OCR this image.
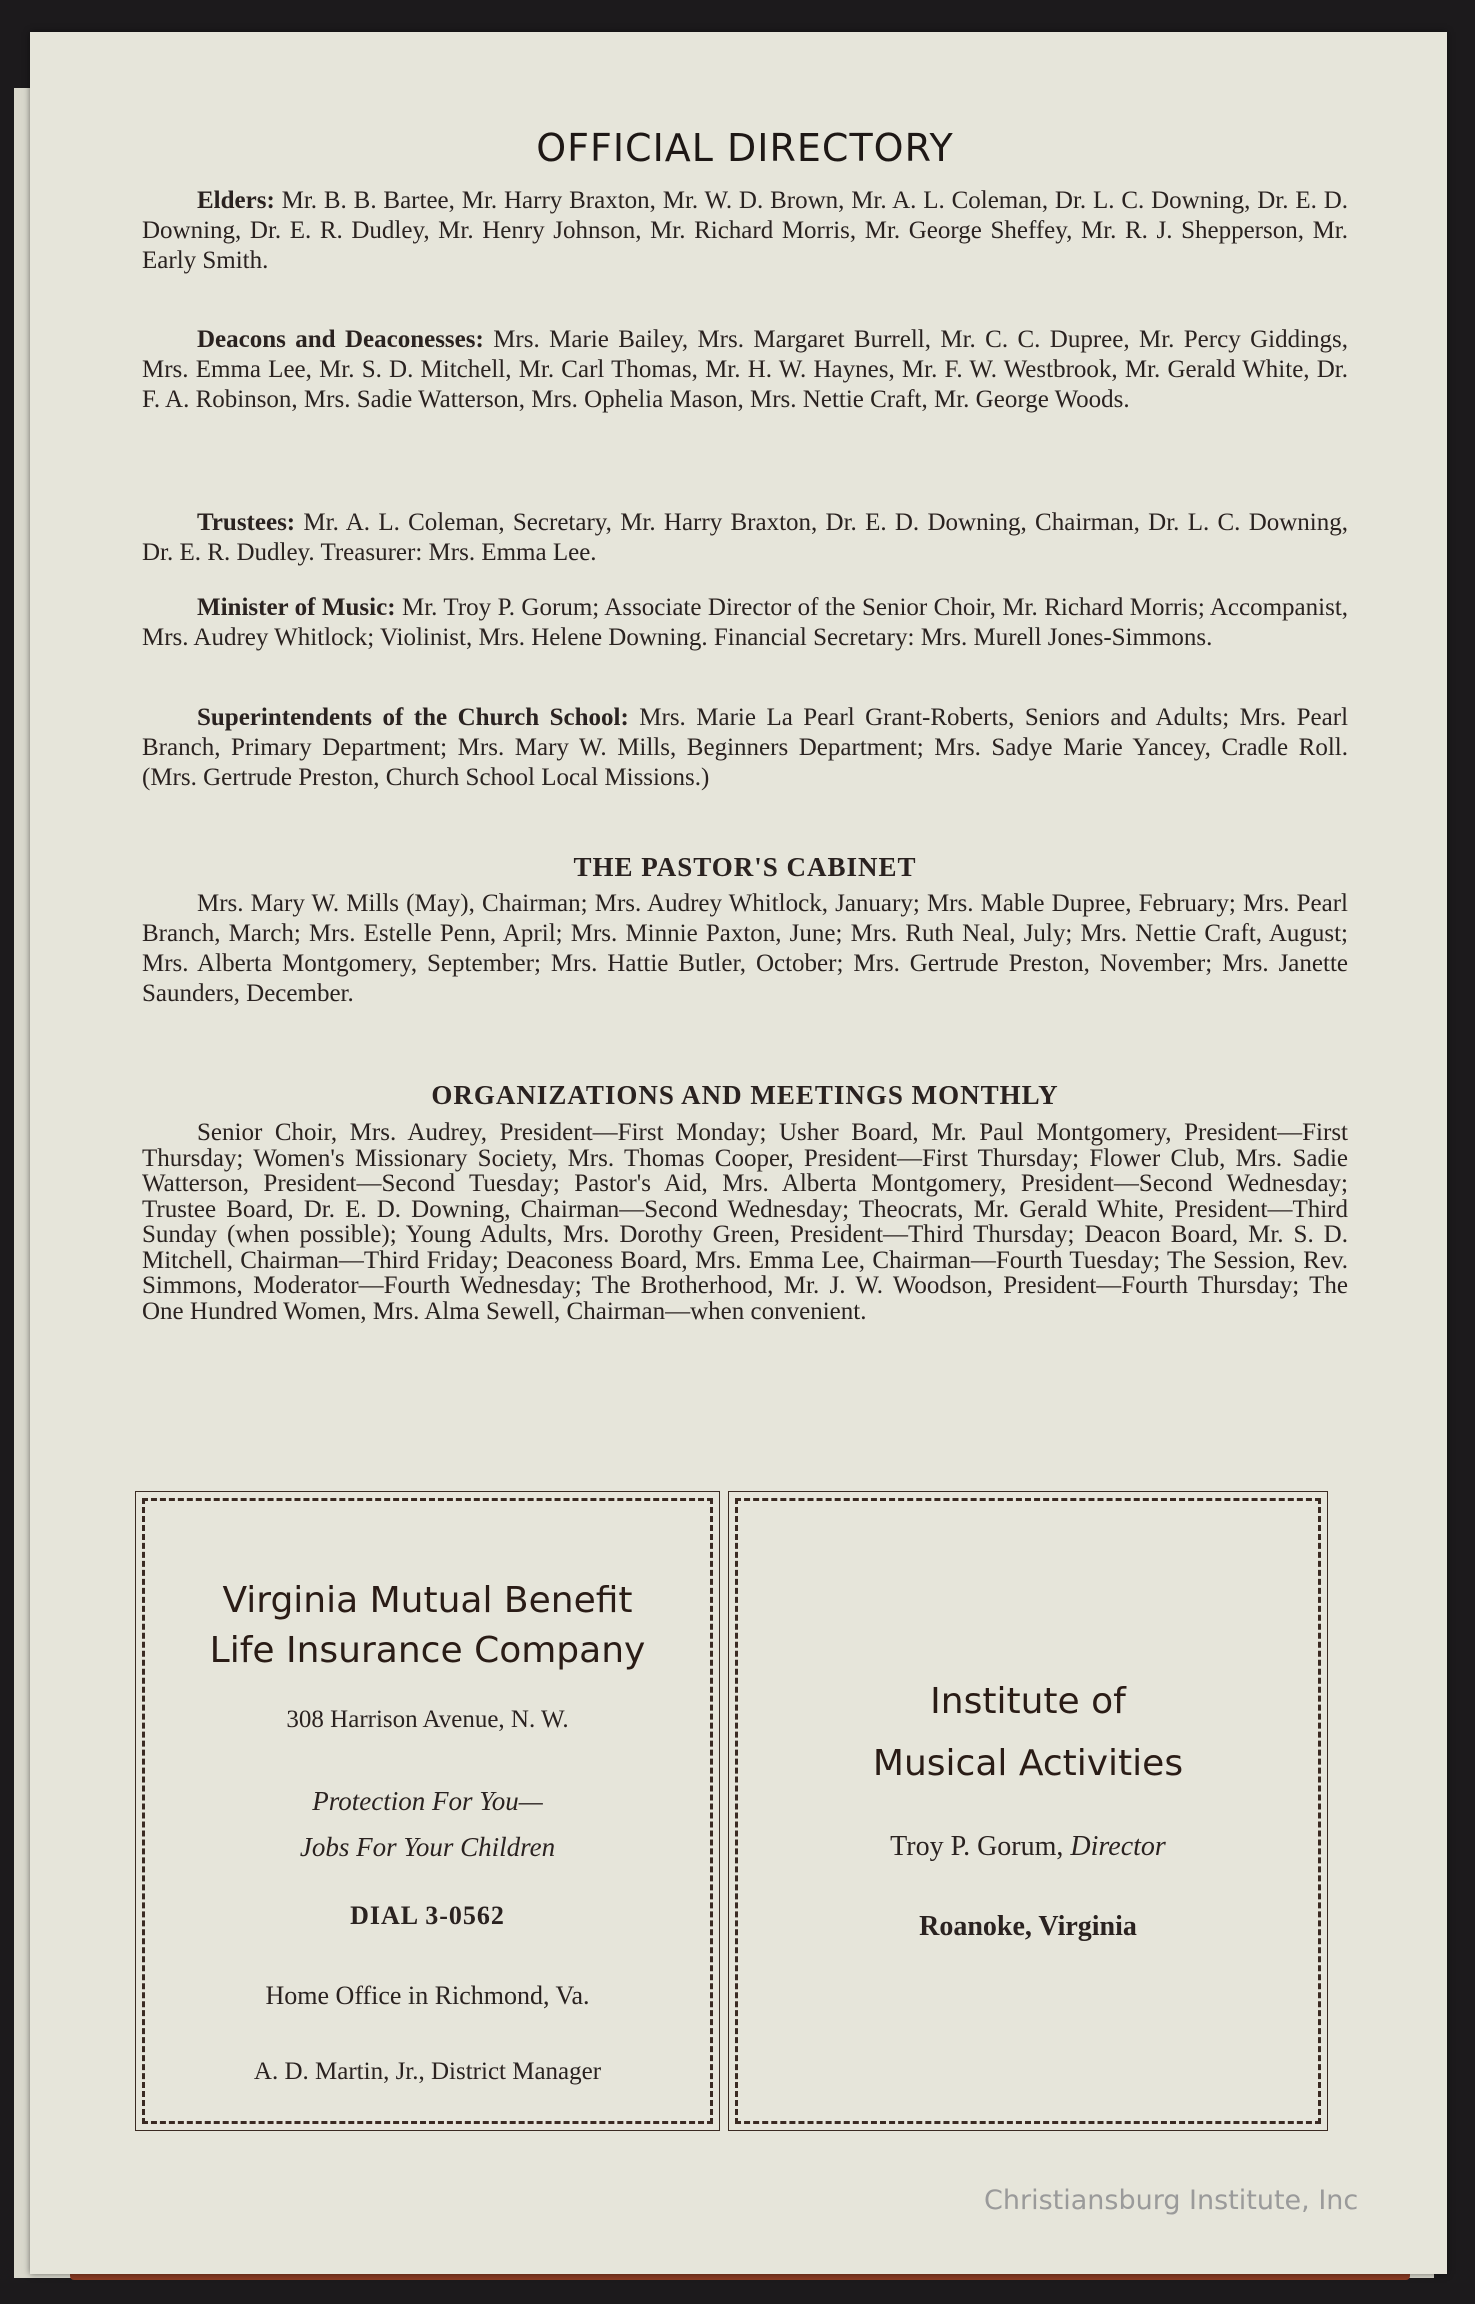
OFFICIAL DIRECTORY
Elders: Mr. B. B. Bartee, Mr. Harry Braxton, Mr. W. D. Brown, Mr. A. L. Coleman, Dr. L. C. Downing, Dr. E. D. Downing, Dr. E. R. Dudley, Mr. Henry Johnson, Mr. Richard Morris, Mr. George Sheffey, Mr. R. J. Shepperson, Mr. Early Smith.
Deacons and Deaconesses: Mrs. Marie Bailey, Mrs. Margaret Burrell, Mr. C. C. Dupree, Mr. Percy Giddings, Mrs. Emma Lee, Mr. S. D. Mitchell, Mr. Carl Thomas, Mr. H. W. Haynes, Mr. F. W. Westbrook, Mr. Gerald White, Dr. F. A. Robinson, Mrs. Sadie Watterson, Mrs. Ophelia Mason, Mrs. Nettie Craft, Mr. George Woods.
Trustees: Mr. A. L. Coleman, Secretary, Mr. Harry Braxton, Dr. E. D. Downing, Chairman, Dr. L. C. Downing, Dr. E. R. Dudley. Treasurer: Mrs. Emma Lee.
Minister of Music: Mr. Troy P. Gorum; Associate Director of the Senior Choir, Mr. Richard Morris; Accompanist, Mrs. Audrey Whitlock; Violinist, Mrs. Helene Downing. Financial Secretary: Mrs. Murell Jones-Simmons.
Superintendents of the Church School: Mrs. Marie La Pearl Grant-Roberts, Seniors and Adults; Mrs. Pearl Branch, Primary Department; Mrs. Mary W. Mills, Beginners Department; Mrs. Sadye Marie Yancey, Cradle Roll. (Mrs. Gertrude Preston, Church School Local Missions.)
THE PASTOR'S CABINET
Mrs. Mary W. Mills (May), Chairman; Mrs. Audrey Whitlock, January; Mrs. Mable Dupree, February; Mrs. Pearl Branch, March; Mrs. Estelle Penn, April; Mrs. Minnie Paxton, June; Mrs. Ruth Neal, July; Mrs. Nettie Craft, August; Mrs. Alberta Montgomery, September; Mrs. Hattie Butler, October; Mrs. Gertrude Preston, November; Mrs. Janette Saunders, December.
ORGANIZATIONS AND MEETINGS MONTHLY
Senior Choir, Mrs. Audrey, President—First Monday; Usher Board, Mr. Paul Montgomery, President—First Thursday; Women's Missionary Society, Mrs. Thomas Cooper, President—First Thursday; Flower Club, Mrs. Sadie Watterson, President—Second Tuesday; Pastor's Aid, Mrs. Alberta Montgomery, President—Second Wednesday; Trustee Board, Dr. E. D. Downing, Chairman—Second Wednesday; Theocrats, Mr. Gerald White, President—Third Sunday (when possible); Young Adults, Mrs. Dorothy Green, President—Third Thursday; Deacon Board, Mr. S. D. Mitchell, Chairman—Third Friday; Deaconess Board, Mrs. Emma Lee, Chairman—Fourth Tuesday; The Session, Rev. Simmons, Moderator—Fourth Wednesday; The Brotherhood, Mr. J. W. Woodson, President—Fourth Thursday; The One Hundred Women, Mrs. Alma Sewell, Chairman—when convenient.
Virginia Mutual Benefit
Life Insurance Company
308 Harrison Avenue, N. W.
Protection For You—
Jobs For Your Children
DIAL 3-0562
Home Office in Richmond, Va.
A. D. Martin, Jr., District Manager
Institute of
Musical Activities
Troy P. Gorum, Director
Roanoke, Virginia
Christiansburg Institute, Inc
